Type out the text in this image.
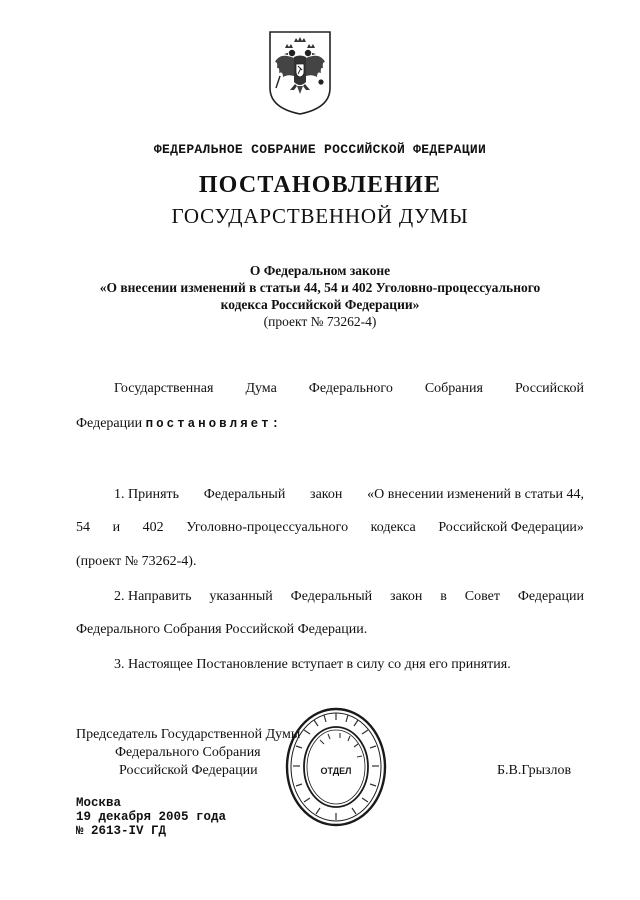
ФЕДЕРАЛЬНОЕ СОБРАНИЕ РОССИЙСКОЙ ФЕДЕРАЦИИ
ПОСТАНОВЛЕНИЕ
ГОСУДАРСТВЕННОЙ ДУМЫ
О Федеральном законе
«О внесении изменений в статьи 44, 54 и 402 Уголовно-процессуального
кодекса Российской Федерации»
(проект № 73262-4)
Государственная Дума Федерального Собрания Российской
Федерации постановляет:
1. Принять Федеральный закон «О внесении изменений в статьи 44,
54 и 402 Уголовно-процессуального кодекса Российской Федерации»
(проект № 73262-4).
2. Направить указанный Федеральный закон в Совет Федерации
Федерального Собрания Российской Федерации.
3. Настоящее Постановление вступает в силу со дня его принятия.
Председатель Государственной Думы
Федерального Собрания
Российской Федерации	Б.В.Грызлов
ОТДЕЛ
Москва
19 декабря 2005 года
№ 2613-IV ГД
